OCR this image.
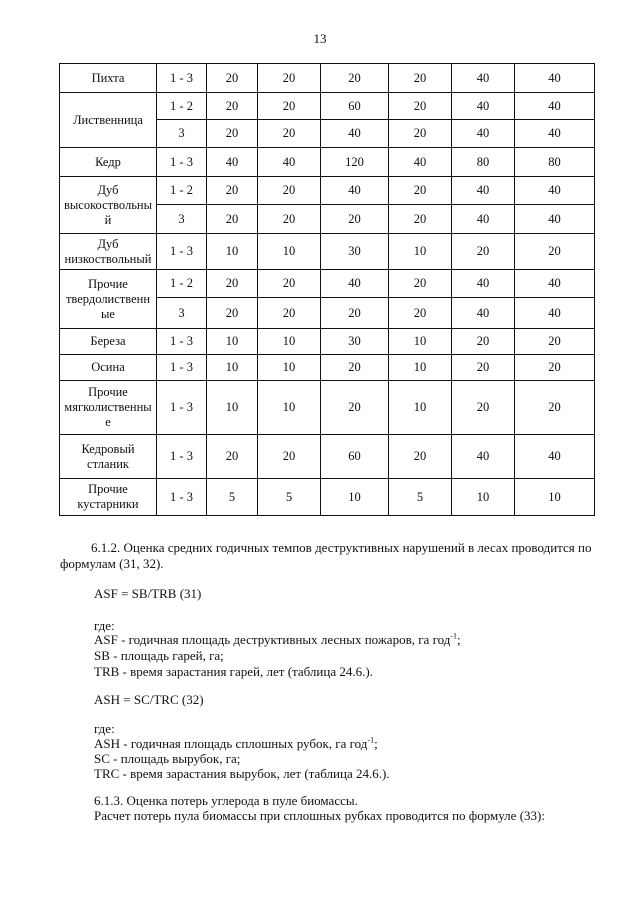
13
Пихта	1 - 3	20	20	20	20	40	40
Лиственница	1 - 2	20	20	60	20	40	40
	3	20	20	40	20	40	40
Кедр	1 - 3	40	40	120	40	80	80
Дуб
высокоствольны
й	1 - 2	20	20	40	20	40	40
	3	20	20	20	20	40	40
Дуб
низкоствольный	1 - 3	10	10	30	10	20	20
Прочие
твердолиственн
ые	1 - 2	20	20	40	20	40	40
	3	20	20	20	20	40	40
Береза	1 - 3	10	10	30	10	20	20
Осина	1 - 3	10	10	20	10	20	20
Прочие
мягколиственны
е	1 - 3	10	10	20	10	20	20
Кедровый
стланик	1 - 3	20	20	60	20	40	40
Прочие
кустарники	1 - 3	5	5	10	5	10	10
6.1.2. Оценка средних годичных темпов деструктивных нарушений в лесах проводится по формулам (31, 32).
ASF = SB/TRB (31)
где:
ASF - годичная площадь деструктивных лесных пожаров, га год$^{-1}$;
SB - площадь гарей, га;
TRB - время зарастания гарей, лет (таблица 24.6.).
ASH = SC/TRC (32)
где:
ASH - годичная площадь сплошных рубок, га год$^{-1}$;
SC - площадь вырубок, га;
TRC - время зарастания вырубок, лет (таблица 24.6.).
6.1.3. Оценка потерь углерода в пуле биомассы.
Расчет потерь пула биомассы при сплошных рубках проводится по формуле (33):
